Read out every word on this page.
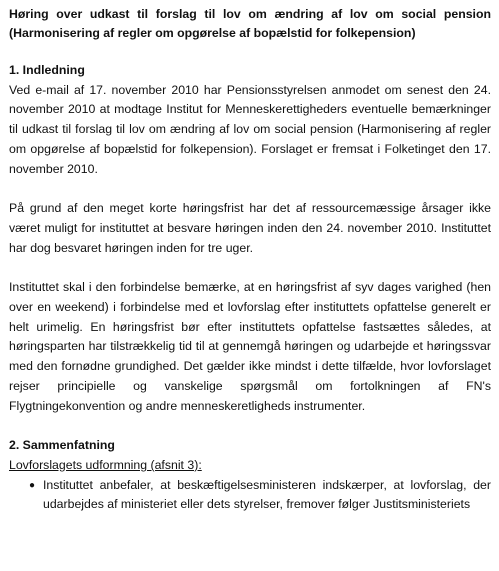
Høring over udkast til forslag til lov om ændring af lov om social pension (Harmonisering af regler om opgørelse af bopælstid for folkepension)

1. Indledning

Ved e-mail af 17. november 2010 har Pensionsstyrelsen anmodet om senest den 24. november 2010 at modtage Institut for Menneskerettigheders eventuelle bemærkninger til udkast til forslag til lov om ændring af lov om social pension (Harmonisering af regler om opgørelse af bopælstid for folkepension). Forslaget er fremsat i Folketinget den 17. november 2010.

På grund af den meget korte høringsfrist har det af ressourcemæssige årsager ikke været muligt for instituttet at besvare høringen inden den 24. november 2010. Instituttet har dog besvaret høringen inden for tre uger.

Instituttet skal i den forbindelse bemærke, at en høringsfrist af syv dages varighed (hen over en weekend) i forbindelse med et lovforslag efter instituttets opfattelse generelt er helt urimelig. En høringsfrist bør efter instituttets opfattelse fastsættes således, at høringsparten har tilstrækkelig tid til at gennemgå høringen og udarbejde et høringssvar med den fornødne grundighed. Det gælder ikke mindst i dette tilfælde, hvor lovforslaget rejser principielle og vanskelige spørgsmål om fortolkningen af FN's Flygtningekonvention og andre menneskeretligheds instrumenter.

2. Sammenfatning

Lovforslagets udformning (afsnit 3):

● Instituttet anbefaler, at beskæftigelsesministeren indskærper, at lovforslag, der udarbejdes af ministeriet eller dets styrelser, fremover følger Justitsministeriets
